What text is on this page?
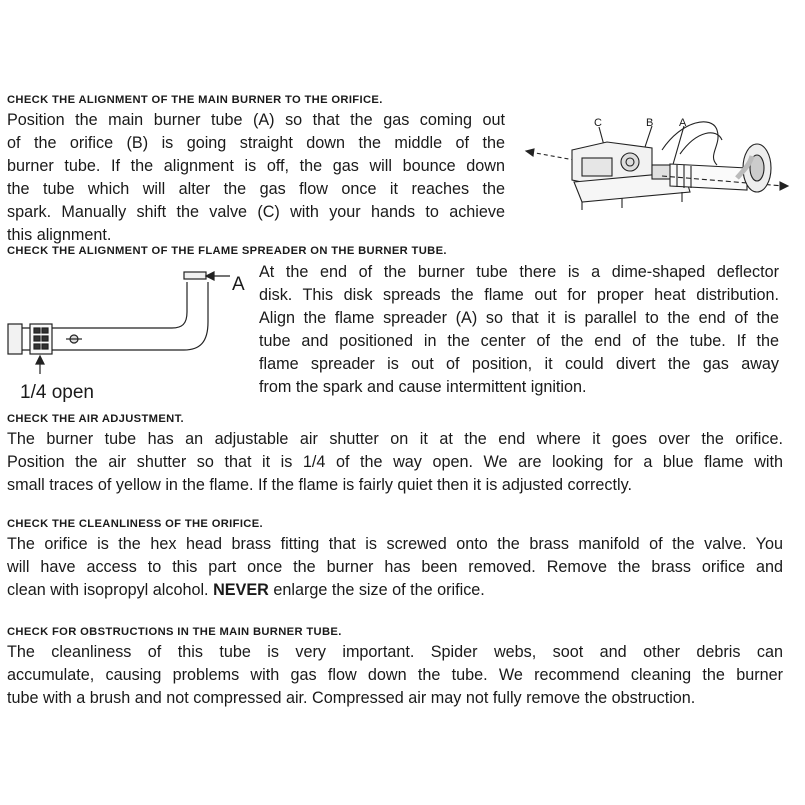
CHECK THE ALIGNMENT OF THE MAIN BURNER TO THE ORIFICE.
Position the main burner tube (A) so that the gas coming out
of the orifice (B) is going straight down the middle of the
burner tube. If the alignment is off, the gas will bounce down
the tube which will alter the gas flow once it reaches the
spark. Manually shift the valve (C) with your hands to achieve
this alignment.
C	B A
CHECK THE ALIGNMENT OF THE FLAME SPREADER ON THE BURNER TUBE.
A
1/4 open
At the end of the burner tube there is a dime-shaped deflector
disk. This disk spreads the flame out for proper heat distribution.
Align the flame spreader (A) so that it is parallel to the end of the
tube and positioned in the center of the end of the tube. If the
flame spreader is out of position, it could divert the gas away
from the spark and cause intermittent ignition.
CHECK THE AIR ADJUSTMENT.
The burner tube has an adjustable air shutter on it at the end where it goes over the orifice.
Position the air shutter so that it is 1/4 of the way open. We are looking for a blue flame with
small traces of yellow in the flame. If the flame is fairly quiet then it is adjusted correctly.
CHECK THE CLEANLINESS OF THE ORIFICE.
The orifice is the hex head brass fitting that is screwed onto the brass manifold of the valve. You
will have access to this part once the burner has been removed. Remove the brass orifice and
clean with isopropyl alcohol. NEVER enlarge the size of the orifice.
CHECK FOR OBSTRUCTIONS IN THE MAIN BURNER TUBE.
The cleanliness of this tube is very important. Spider webs, soot and other debris can
accumulate, causing problems with gas flow down the tube. We recommend cleaning the burner
tube with a brush and not compressed air. Compressed air may not fully remove the obstruction.
